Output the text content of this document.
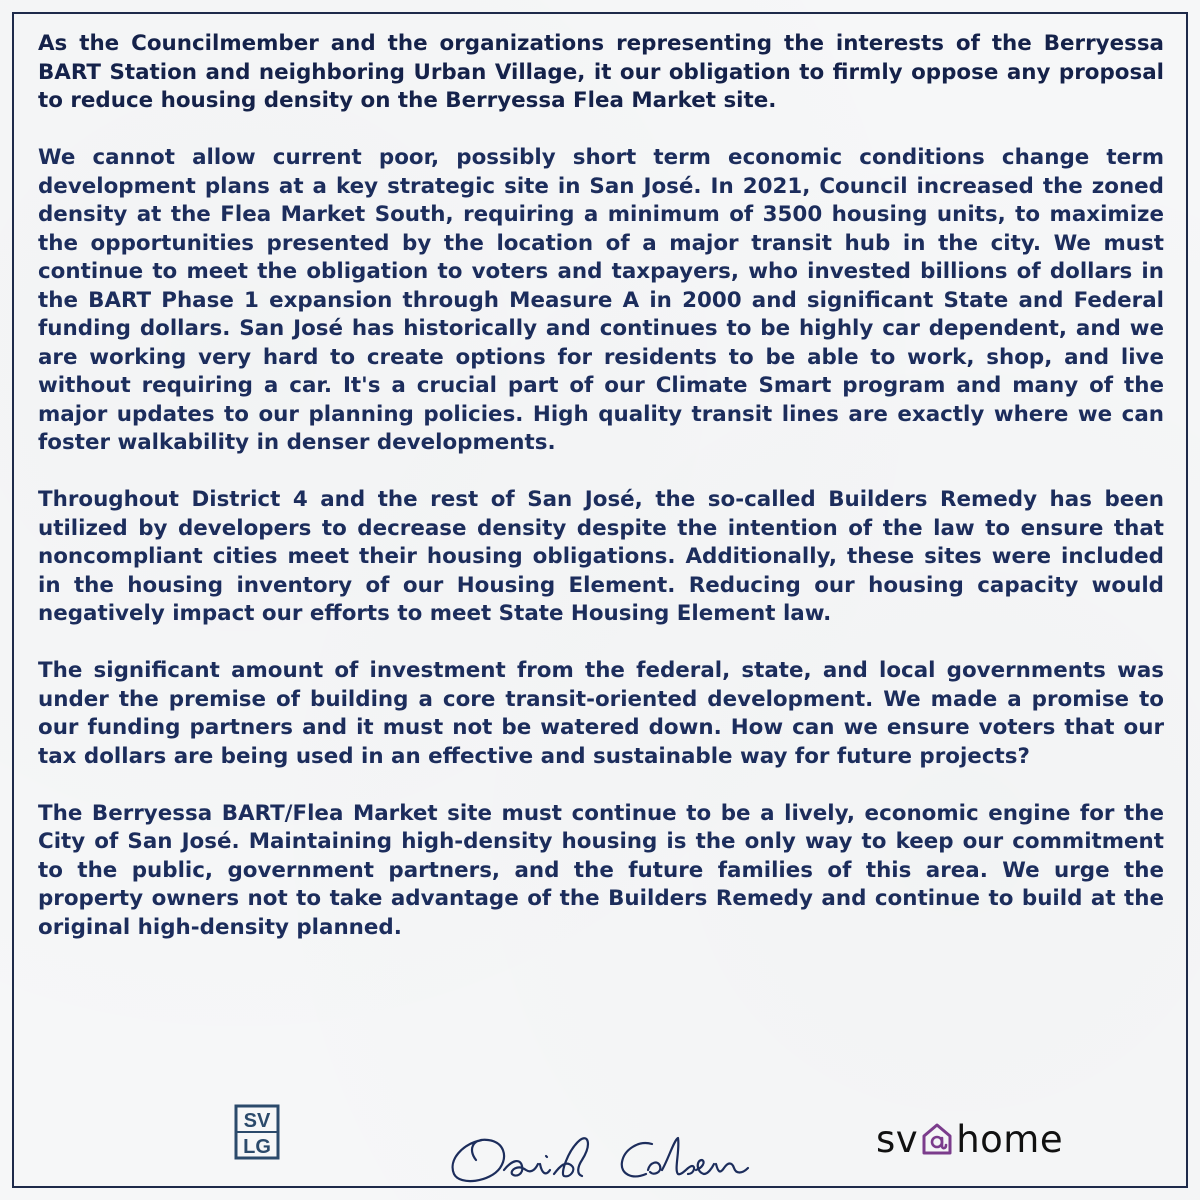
As the Councilmember and the organizations representing the interests of the Berryessa BART Station and neighboring Urban Village, it our obligation to firmly oppose any proposal to reduce housing density on the Berryessa Flea Market site.

We cannot allow current poor, possibly short term economic conditions change term development plans at a key strategic site in San José. In 2021, Council increased the zoned density at the Flea Market South, requiring a minimum of 3500 housing units, to maximize the opportunities presented by the location of a major transit hub in the city. We must continue to meet the obligation to voters and taxpayers, who invested billions of dollars in the BART Phase 1 expansion through Measure A in 2000 and significant State and Federal funding dollars. San José has historically and continues to be highly car dependent, and we are working very hard to create options for residents to be able to work, shop, and live without requiring a car. It's a crucial part of our Climate Smart program and many of the major updates to our planning policies. High quality transit lines are exactly where we can foster walkability in denser developments.

Throughout District 4 and the rest of San José, the so-called Builders Remedy has been utilized by developers to decrease density despite the intention of the law to ensure that noncompliant cities meet their housing obligations. Additionally, these sites were included in the housing inventory of our Housing Element. Reducing our housing capacity would negatively impact our efforts to meet State Housing Element law.

The significant amount of investment from the federal, state, and local governments was under the premise of building a core transit-oriented development. We made a promise to our funding partners and it must not be watered down. How can we ensure voters that our tax dollars are being used in an effective and sustainable way for future projects?

The Berryessa BART/Flea Market site must continue to be a lively, economic engine for the City of San José. Maintaining high-density housing is the only way to keep our commitment to the public, government partners, and the future families of this area. We urge the property owners not to take advantage of the Builders Remedy and continue to build at the original high-density planned.

SV
LG	sv home
